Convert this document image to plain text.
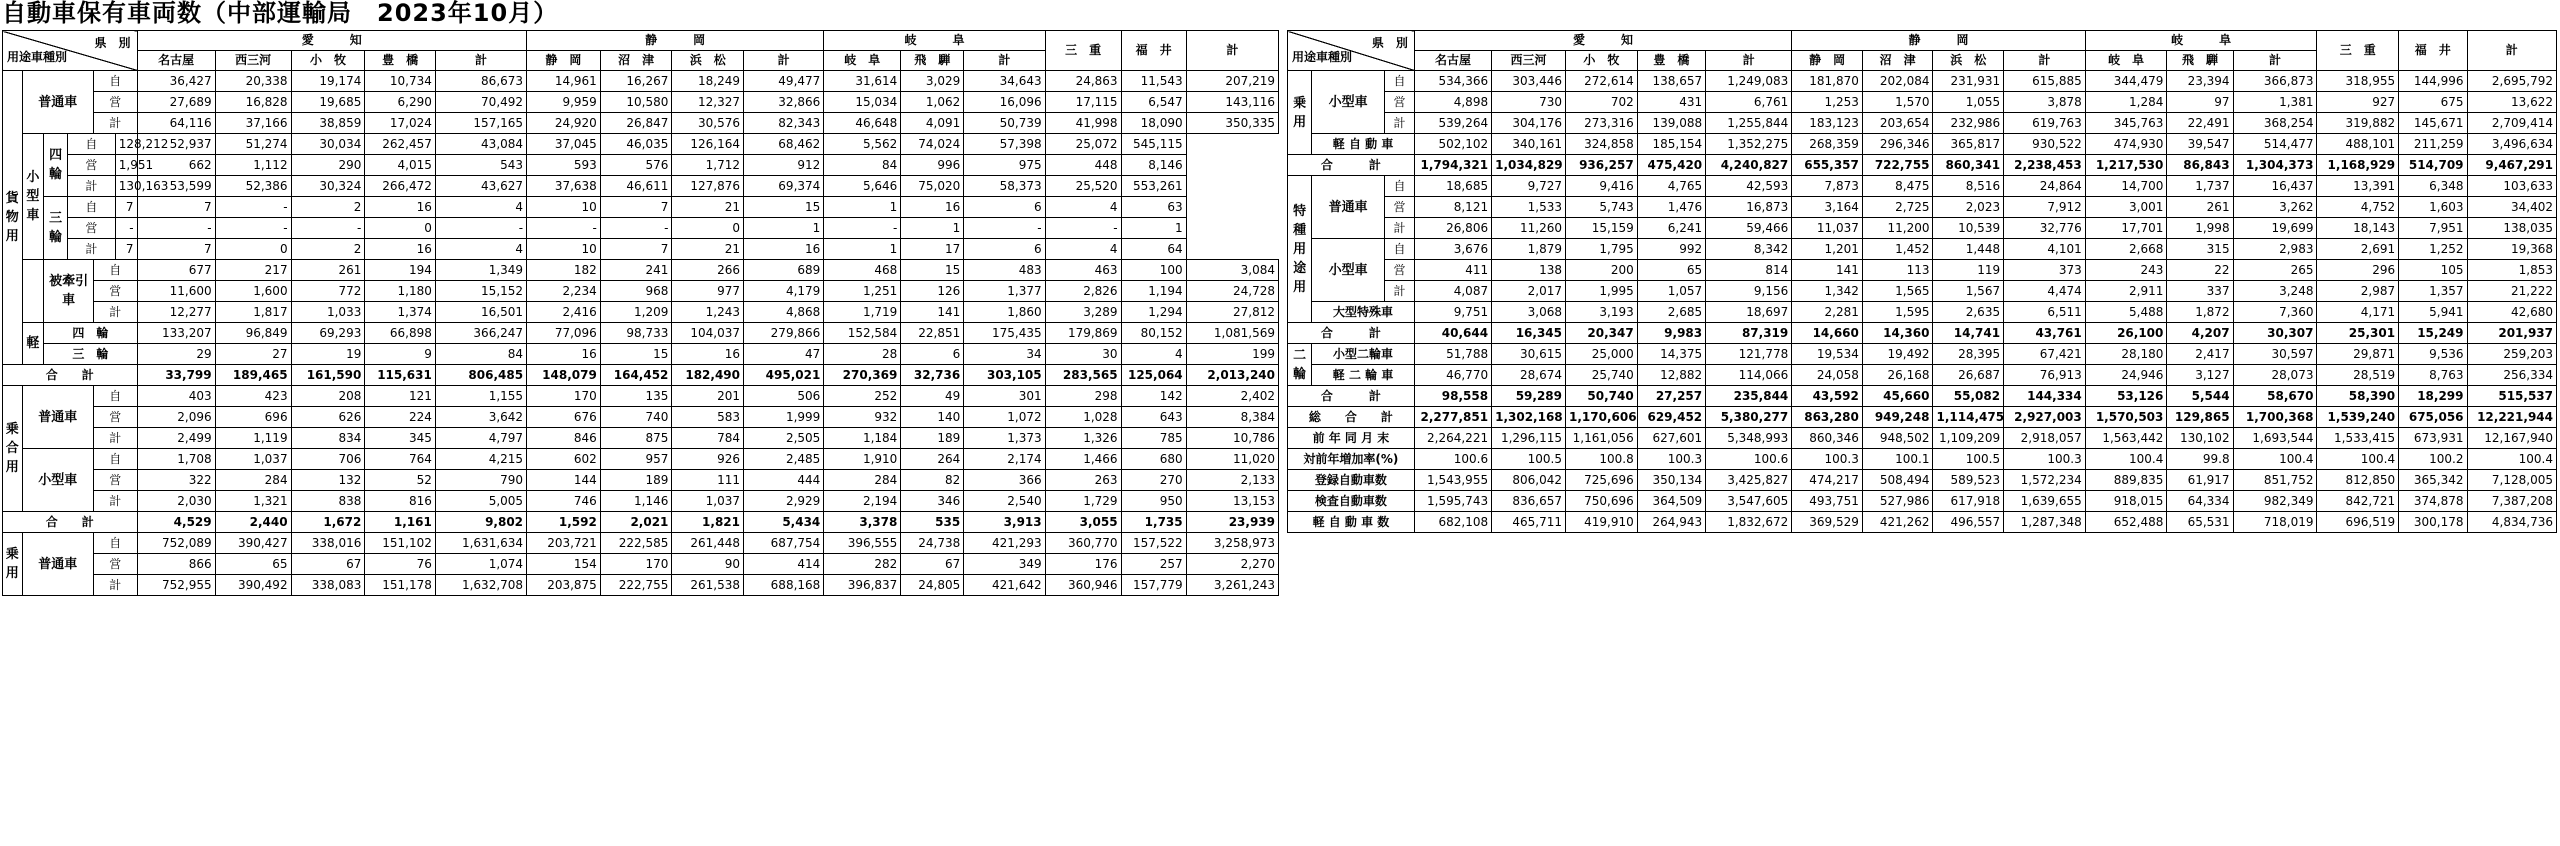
自動車保有車両数（中部運輸局　2023年10月）
県　別
用途車種別						愛　　　知					静　　　岡				岐　　　阜			三　重	福　井	計
						名古屋	西三河	小　牧	豊　橋	計	静　岡	沼　津	浜　松	計	岐　阜	飛　騨	計			
貨物用	普通車			自		36,427	20,338	19,174	10,734	86,673	14,961	16,267	18,249	49,477	31,614	3,029	34,643	24,863	11,543	207,219
				営		27,689	16,828	19,685	6,290	70,492	9,959	10,580	12,327	32,866	15,034	1,062	16,096	17,115	6,547	143,116
				計		64,116	37,166	38,859	17,024	157,165	24,920	26,847	30,576	82,343	46,648	4,091	50,739	41,998	18,090	350,335
	小型車	四輪	自		128,212	52,937	51,274	30,034	262,457	43,084	37,045	46,035	126,164	68,462	5,562	74,024	57,398	25,072	545,115	
			営		1,951	662	1,112	290	4,015	543	593	576	1,712	912	84	996	975	448	8,146	
			計		130,163	53,599	52,386	30,324	266,472	43,627	37,638	46,611	127,876	69,374	5,646	75,020	58,373	25,520	553,261	
		三輪	自		7	7	-	2	16	4	10	7	21	15	1	16	6	4	63	
			営		-	-	-	-	0	-	-	-	0	1	-	1	-	-	1	
			計		7	7	0	2	16	4	10	7	21	16	1	17	6	4	64	
		被牽引車		自		677	217	261	194	1,349	182	241	266	689	468	15	483	463	100	3,084
				営		11,600	1,600	772	1,180	15,152	2,234	968	977	4,179	1,251	126	1,377	2,826	1,194	24,728
				計		12,277	1,817	1,033	1,374	16,501	2,416	1,209	1,243	4,868	1,719	141	1,860	3,289	1,294	27,812
	軽	四　輪				133,207	96,849	69,293	66,898	366,247	77,096	98,733	104,037	279,866	152,584	22,851	175,435	179,869	80,152	1,081,569
		三　輪				29	27	19	9	84	16	15	16	47	28	6	34	30	4	199
合　　計						33,799	189,465	161,590	115,631	806,485	148,079	164,452	182,490	495,021	270,369	32,736	303,105	283,565	125,064	2,013,240
乗合用	普通車			自		403	423	208	121	1,155	170	135	201	506	252	49	301	298	142	2,402
				営		2,096	696	626	224	3,642	676	740	583	1,999	932	140	1,072	1,028	643	8,384
				計		2,499	1,119	834	345	4,797	846	875	784	2,505	1,184	189	1,373	1,326	785	10,786
	小型車			自		1,708	1,037	706	764	4,215	602	957	926	2,485	1,910	264	2,174	1,466	680	11,020
				営		322	284	132	52	790	144	189	111	444	284	82	366	263	270	2,133
				計		2,030	1,321	838	816	5,005	746	1,146	1,037	2,929	2,194	346	2,540	1,729	950	13,153
合　　計						4,529	2,440	1,672	1,161	9,802	1,592	2,021	1,821	5,434	3,378	535	3,913	3,055	1,735	23,939
乗用	普通車			自		752,089	390,427	338,016	151,102	1,631,634	203,721	222,585	261,448	687,754	396,555	24,738	421,293	360,770	157,522	3,258,973
				営		866	65	67	76	1,074	154	170	90	414	282	67	349	176	257	2,270
				計		752,955	390,492	338,083	151,178	1,632,708	203,875	222,755	261,538	688,168	396,837	24,805	421,642	360,946	157,779	3,261,243
県　別
用途車種別			愛　　　知					静　　　岡				岐　　　阜			三　重	福　井	計
			名古屋	西三河	小　牧	豊　橋	計	静　岡	沼　津	浜　松	計	岐　阜	飛　騨	計			
乗用	小型車	自	534,366	303,446	272,614	138,657	1,249,083	181,870	202,084	231,931	615,885	344,479	23,394	366,873	318,955	144,996	2,695,792
		営	4,898	730	702	431	6,761	1,253	1,570	1,055	3,878	1,284	97	1,381	927	675	13,622
		計	539,264	304,176	273,316	139,088	1,255,844	183,123	203,654	232,986	619,763	345,763	22,491	368,254	319,882	145,671	2,709,414
	軽 自 動 車		502,102	340,161	324,858	185,154	1,352,275	268,359	296,346	365,817	930,522	474,930	39,547	514,477	488,101	211,259	3,496,634
合　　　計			1,794,321	1,034,829	936,257	475,420	4,240,827	655,357	722,755	860,341	2,238,453	1,217,530	86,843	1,304,373	1,168,929	514,709	9,467,291
特種用途用	普通車	自	18,685	9,727	9,416	4,765	42,593	7,873	8,475	8,516	24,864	14,700	1,737	16,437	13,391	6,348	103,633
		営	8,121	1,533	5,743	1,476	16,873	3,164	2,725	2,023	7,912	3,001	261	3,262	4,752	1,603	34,402
		計	26,806	11,260	15,159	6,241	59,466	11,037	11,200	10,539	32,776	17,701	1,998	19,699	18,143	7,951	138,035
	小型車	自	3,676	1,879	1,795	992	8,342	1,201	1,452	1,448	4,101	2,668	315	2,983	2,691	1,252	19,368
		営	411	138	200	65	814	141	113	119	373	243	22	265	296	105	1,853
		計	4,087	2,017	1,995	1,057	9,156	1,342	1,565	1,567	4,474	2,911	337	3,248	2,987	1,357	21,222
	大型特殊車		9,751	3,068	3,193	2,685	18,697	2,281	1,595	2,635	6,511	5,488	1,872	7,360	4,171	5,941	42,680
合　　　計			40,644	16,345	20,347	9,983	87,319	14,660	14,360	14,741	43,761	26,100	4,207	30,307	25,301	15,249	201,937
二輪	小型二輪車		51,788	30,615	25,000	14,375	121,778	19,534	19,492	28,395	67,421	28,180	2,417	30,597	29,871	9,536	259,203
	軽 二 輪 車		46,770	28,674	25,740	12,882	114,066	24,058	26,168	26,687	76,913	24,946	3,127	28,073	28,519	8,763	256,334
合　　　計			98,558	59,289	50,740	27,257	235,844	43,592	45,660	55,082	144,334	53,126	5,544	58,670	58,390	18,299	515,537
総　　合　　計			2,277,851	1,302,168	1,170,606	629,452	5,380,277	863,280	949,248	1,114,475	2,927,003	1,570,503	129,865	1,700,368	1,539,240	675,056	12,221,944
前 年 同 月 末			2,264,221	1,296,115	1,161,056	627,601	5,348,993	860,346	948,502	1,109,209	2,918,057	1,563,442	130,102	1,693,544	1,533,415	673,931	12,167,940
対前年増加率(%)			100.6	100.5	100.8	100.3	100.6	100.3	100.1	100.5	100.3	100.4	99.8	100.4	100.4	100.2	100.4
登録自動車数			1,543,955	806,042	725,696	350,134	3,425,827	474,217	508,494	589,523	1,572,234	889,835	61,917	851,752	812,850	365,342	7,128,005
検査自動車数			1,595,743	836,657	750,696	364,509	3,547,605	493,751	527,986	617,918	1,639,655	918,015	64,334	982,349	842,721	374,878	7,387,208
軽 自 動 車 数			682,108	465,711	419,910	264,943	1,832,672	369,529	421,262	496,557	1,287,348	652,488	65,531	718,019	696,519	300,178	4,834,736
